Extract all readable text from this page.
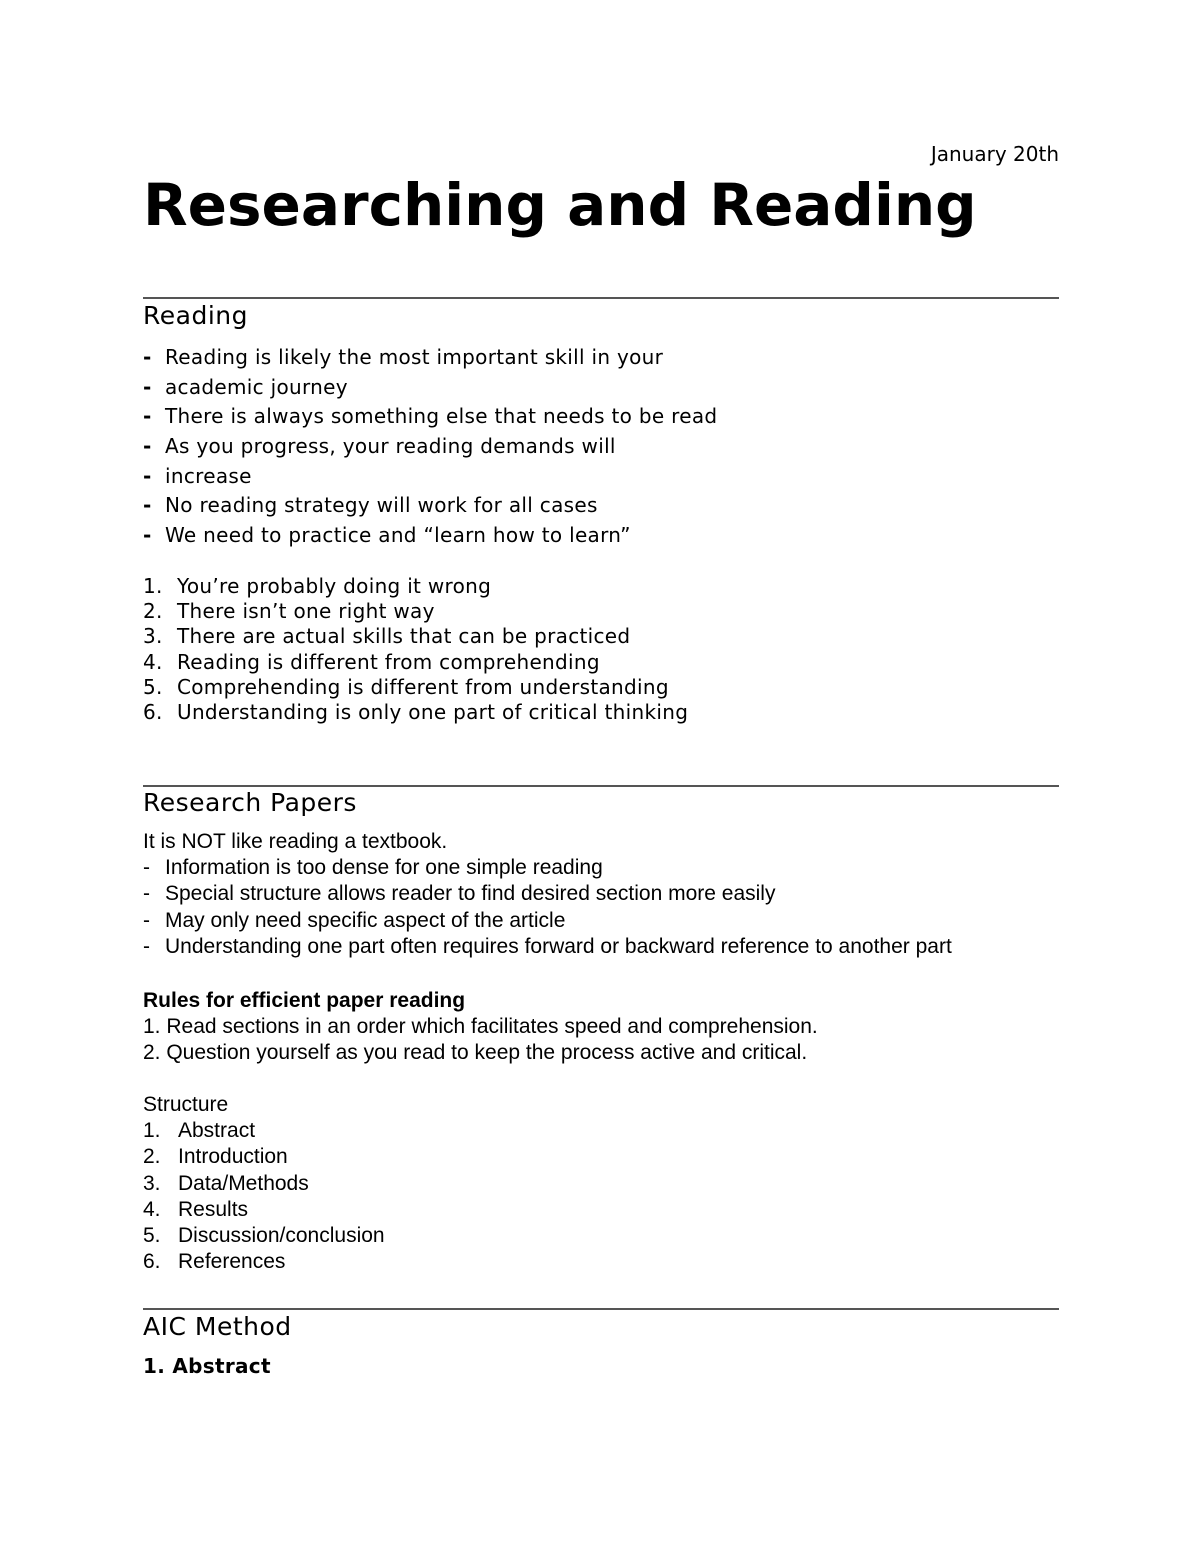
January 20th
Researching and Reading
Reading
- Reading is likely the most important skill in your
- academic journey
- There is always something else that needs to be read
- As you progress, your reading demands will
- increase
- No reading strategy will work for all cases
- We need to practice and “learn how to learn”
1. You’re probably doing it wrong
2. There isn’t one right way
3. There are actual skills that can be practiced
4. Reading is different from comprehending
5. Comprehending is different from understanding
6. Understanding is only one part of critical thinking
Research Papers
It is NOT like reading a textbook.
- Information is too dense for one simple reading
- Special structure allows reader to find desired section more easily
- May only need specific aspect of the article
- Understanding one part often requires forward or backward reference to another part
Rules for efficient paper reading
1. Read sections in an order which facilitates speed and comprehension.
2. Question yourself as you read to keep the process active and critical.
Structure
1. Abstract
2. Introduction
3. Data/Methods
4. Results
5. Discussion/conclusion
6. References
AIC Method
1. Abstract
